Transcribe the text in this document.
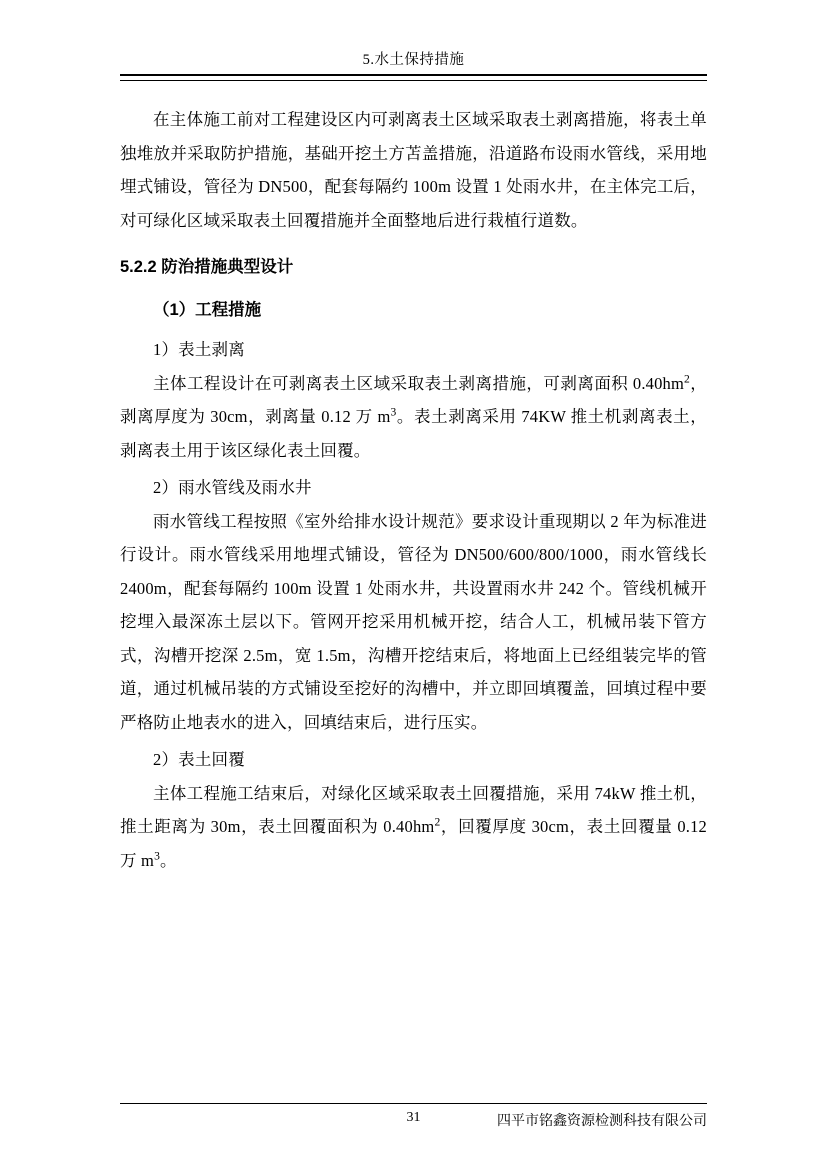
5.水土保持措施

在主体施工前对工程建设区内可剥离表土区域采取表土剥离措施，将表土单独堆放并采取防护措施，基础开挖土方苫盖措施，沿道路布设雨水管线，采用地埋式铺设，管径为 DN500，配套每隔约 100m 设置 1 处雨水井，在主体完工后，对可绿化区域采取表土回覆措施并全面整地后进行栽植行道数。

5.2.2 防治措施典型设计
（1）工程措施

1）表土剥离

主体工程设计在可剥离表土区域采取表土剥离措施，可剥离面积 $0.40hm^2$，剥离厚度为 30cm，剥离量 0.12 万 $m^3$。表土剥离采用 74KW 推土机剥离表土，剥离表土用于该区绿化表土回覆。

2）雨水管线及雨水井

雨水管线工程按照《室外给排水设计规范》要求设计重现期以 2 年为标准进行设计。雨水管线采用地埋式铺设，管径为 DN500/600/800/1000，雨水管线长 2400m，配套每隔约 100m 设置 1 处雨水井，共设置雨水井 242 个。管线机械开挖埋入最深冻土层以下。管网开挖采用机械开挖，结合人工，机械吊装下管方式，沟槽开挖深 2.5m，宽 1.5m，沟槽开挖结束后，将地面上已经组装完毕的管道，通过机械吊装的方式铺设至挖好的沟槽中，并立即回填覆盖，回填过程中要严格防止地表水的进入，回填结束后，进行压实。

2）表土回覆

主体工程施工结束后，对绿化区域采取表土回覆措施，采用 74kW 推土机，推土距离为 30m，表土回覆面积为 $0.40hm^2$，回覆厚度 30cm，表土回覆量 0.12 万 $m^3$。

31	四平市铭鑫资源检测科技有限公司
